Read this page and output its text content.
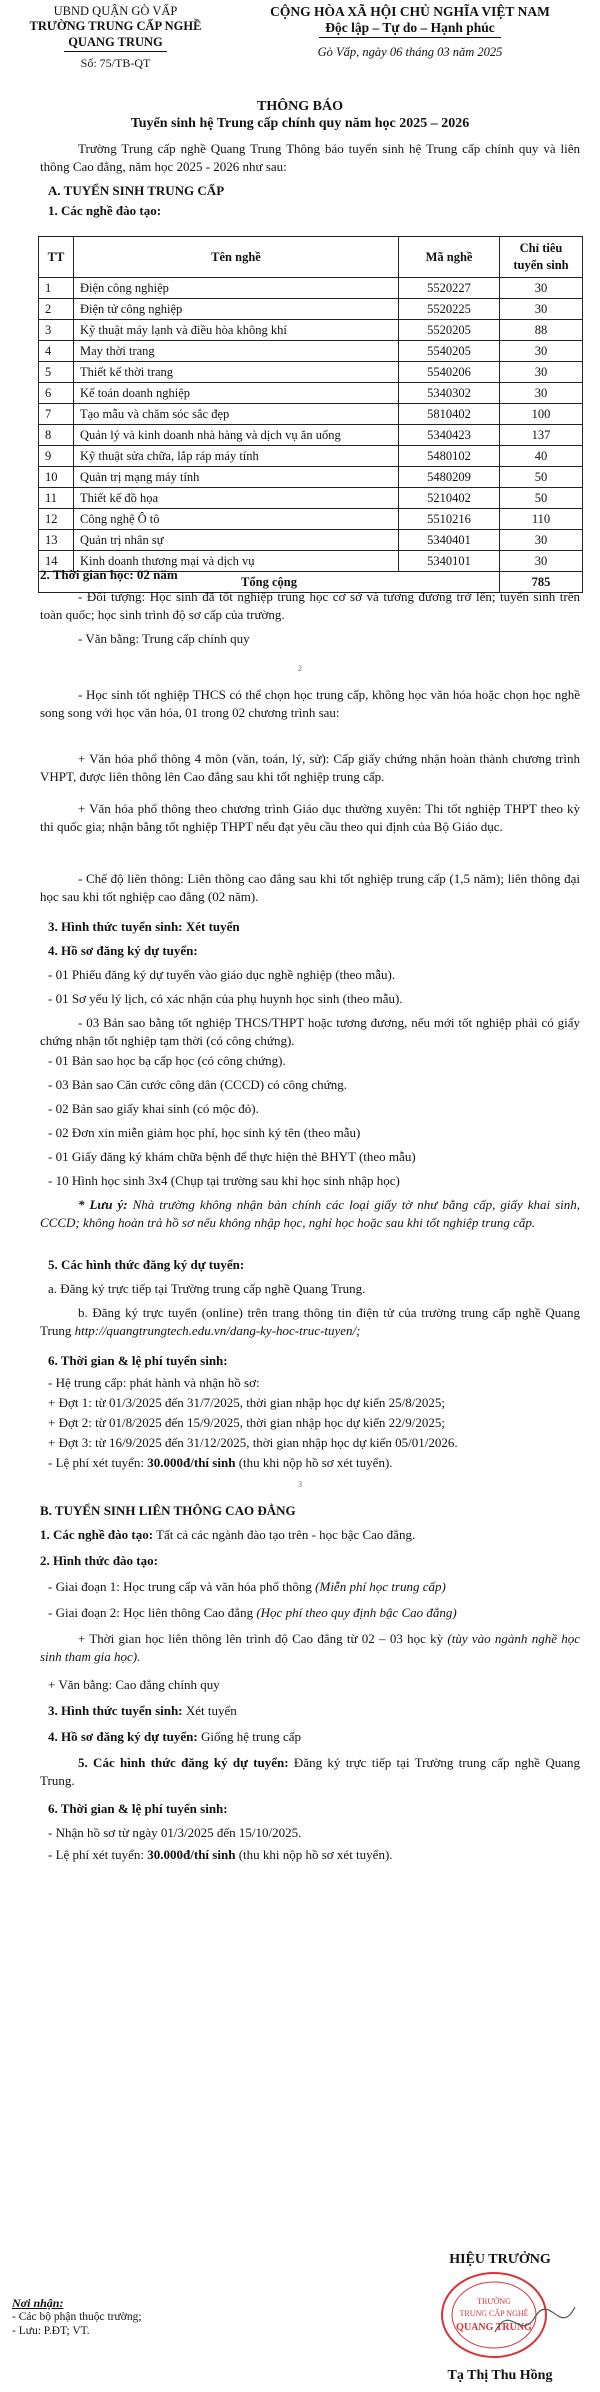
UBND QUẬN GÒ VẤP
TRƯỜNG TRUNG CẤP NGHỀ
QUANG TRUNG
Số: 75/TB-QT
CỘNG HÒA XÃ HỘI CHỦ NGHĨA VIỆT NAM
Độc lập – Tự do – Hạnh phúc
Gò Vấp, ngày 06 tháng 03 năm 2025
THÔNG BÁO
Tuyển sinh hệ Trung cấp chính quy năm học 2025 – 2026
Trường Trung cấp nghề Quang Trung Thông báo tuyển sinh hệ Trung cấp chính quy và liên thông Cao đẳng, năm học 2025 - 2026 như sau:
A. TUYỂN SINH TRUNG CẤP
1. Các nghề đào tạo:
TT	Tên nghề	Mã nghề	Chỉ tiêu
tuyển sinh
1	Điện công nghiệp	5520227	30
2	Điện tử công nghiệp	5520225	30
3	Kỹ thuật máy lạnh và điều hòa không khí	5520205	88
4	May thời trang	5540205	30
5	Thiết kế thời trang	5540206	30
6	Kế toán doanh nghiệp	5340302	30
7	Tạo mẫu và chăm sóc sắc đẹp	5810402	100
8	Quản lý và kinh doanh nhà hàng và dịch vụ ăn uống	5340423	137
9	Kỹ thuật sửa chữa, lắp ráp máy tính	5480102	40
10	Quản trị mạng máy tính	5480209	50
11	Thiết kế đồ họa	5210402	50
12	Công nghệ Ô tô	5510216	110
13	Quản trị nhân sự	5340401	30
14	Kinh doanh thương mại và dịch vụ	5340101	30
Tổng cộng			785
2. Thời gian học: 02 năm
- Đối tượng: Học sinh đã tốt nghiệp trung học cơ sở và tương đương trở lên; tuyển sinh trên toàn quốc; học sinh trình độ sơ cấp của trường.
- Văn bằng: Trung cấp chính quy
2
- Học sinh tốt nghiệp THCS có thể chọn học trung cấp, không học văn hóa hoặc chọn học nghề song song với học văn hóa, 01 trong 02 chương trình sau:
+ Văn hóa phổ thông 4 môn (văn, toán, lý, sử): Cấp giấy chứng nhận hoàn thành chương trình VHPT, được liên thông lên Cao đẳng sau khi tốt nghiệp trung cấp.
+ Văn hóa phổ thông theo chương trình Giáo dục thường xuyên: Thi tốt nghiệp THPT theo kỳ thi quốc gia; nhận bằng tốt nghiệp THPT nếu đạt yêu cầu theo qui định của Bộ Giáo dục.
- Chế độ liên thông: Liên thông cao đẳng sau khi tốt nghiệp trung cấp (1,5 năm); liên thông đại học sau khi tốt nghiệp cao đẳng (02 năm).
3. Hình thức tuyển sinh: Xét tuyển
4. Hồ sơ đăng ký dự tuyển:
- 01 Phiếu đăng ký dự tuyển vào giáo dục nghề nghiệp (theo mẫu).
- 01 Sơ yếu lý lịch, có xác nhận của phụ huynh học sinh (theo mẫu).
- 03 Bản sao bằng tốt nghiệp THCS/THPT hoặc tương đương, nếu mới tốt nghiệp phải có giấy chứng nhận tốt nghiệp tạm thời (có công chứng).
- 01 Bản sao học bạ cấp học (có công chứng).
- 03 Bản sao Căn cước công dân (CCCD) có công chứng.
- 02 Bản sao giấy khai sinh (có mộc đỏ).
- 02 Đơn xin miễn giảm học phí, học sinh ký tên (theo mẫu)
- 01 Giấy đăng ký khám chữa bệnh để thực hiện thẻ BHYT (theo mẫu)
- 10 Hình học sinh 3x4 (Chụp tại trường sau khi học sinh nhập học)
* Lưu ý: Nhà trường không nhận bản chính các loại giấy tờ như bằng cấp, giấy khai sinh, CCCD; không hoàn trả hồ sơ nếu không nhập học, nghỉ học hoặc sau khi tốt nghiệp trung cấp.
5. Các hình thức đăng ký dự tuyển:
a. Đăng ký trực tiếp tại Trường trung cấp nghề Quang Trung.
b. Đăng ký trực tuyến (online) trên trang thông tin điện tử của trường trung cấp nghề Quang Trung http://quangtrungtech.edu.vn/dang-ky-hoc-truc-tuyen/;
6. Thời gian & lệ phí tuyển sinh:
- Hệ trung cấp: phát hành và nhận hồ sơ:
+ Đợt 1: từ 01/3/2025 đến 31/7/2025, thời gian nhập học dự kiến 25/8/2025;
+ Đợt 2: từ 01/8/2025 đến 15/9/2025, thời gian nhập học dự kiến 22/9/2025;
+ Đợt 3: từ 16/9/2025 đến 31/12/2025, thời gian nhập học dự kiến 05/01/2026.
- Lệ phí xét tuyển: 30.000đ/thí sinh (thu khi nộp hồ sơ xét tuyển).
3
B. TUYỂN SINH LIÊN THÔNG CAO ĐẲNG
1. Các nghề đào tạo: Tất cả các ngành đào tạo trên - học bậc Cao đẳng.
2. Hình thức đào tạo:
- Giai đoạn 1: Học trung cấp và văn hóa phổ thông (Miễn phí học trung cấp)
- Giai đoạn 2: Học liên thông Cao đẳng (Học phí theo quy định bậc Cao đẳng)
+ Thời gian học liên thông lên trình độ Cao đẳng từ 02 – 03 học kỳ (tùy vào ngành nghề học sinh tham gia học).
+ Văn bằng: Cao đẳng chính quy
3. Hình thức tuyển sinh: Xét tuyển
4. Hồ sơ đăng ký dự tuyển: Giống hệ trung cấp
5. Các hình thức đăng ký dự tuyển: Đăng ký trực tiếp tại Trường trung cấp nghề Quang Trung.
6. Thời gian & lệ phí tuyển sinh:
- Nhận hồ sơ từ ngày 01/3/2025 đến 15/10/2025.
- Lệ phí xét tuyển: 30.000đ/thí sinh (thu khi nộp hồ sơ xét tuyển).
Nơi nhận:
- Các bộ phận thuộc trường;
- Lưu: P.ĐT; VT.
HIỆU TRƯỞNG
TRƯỜNG
TRUNG CẤP NGHỀ
QUANG TRUNG
Tạ Thị Thu Hồng
